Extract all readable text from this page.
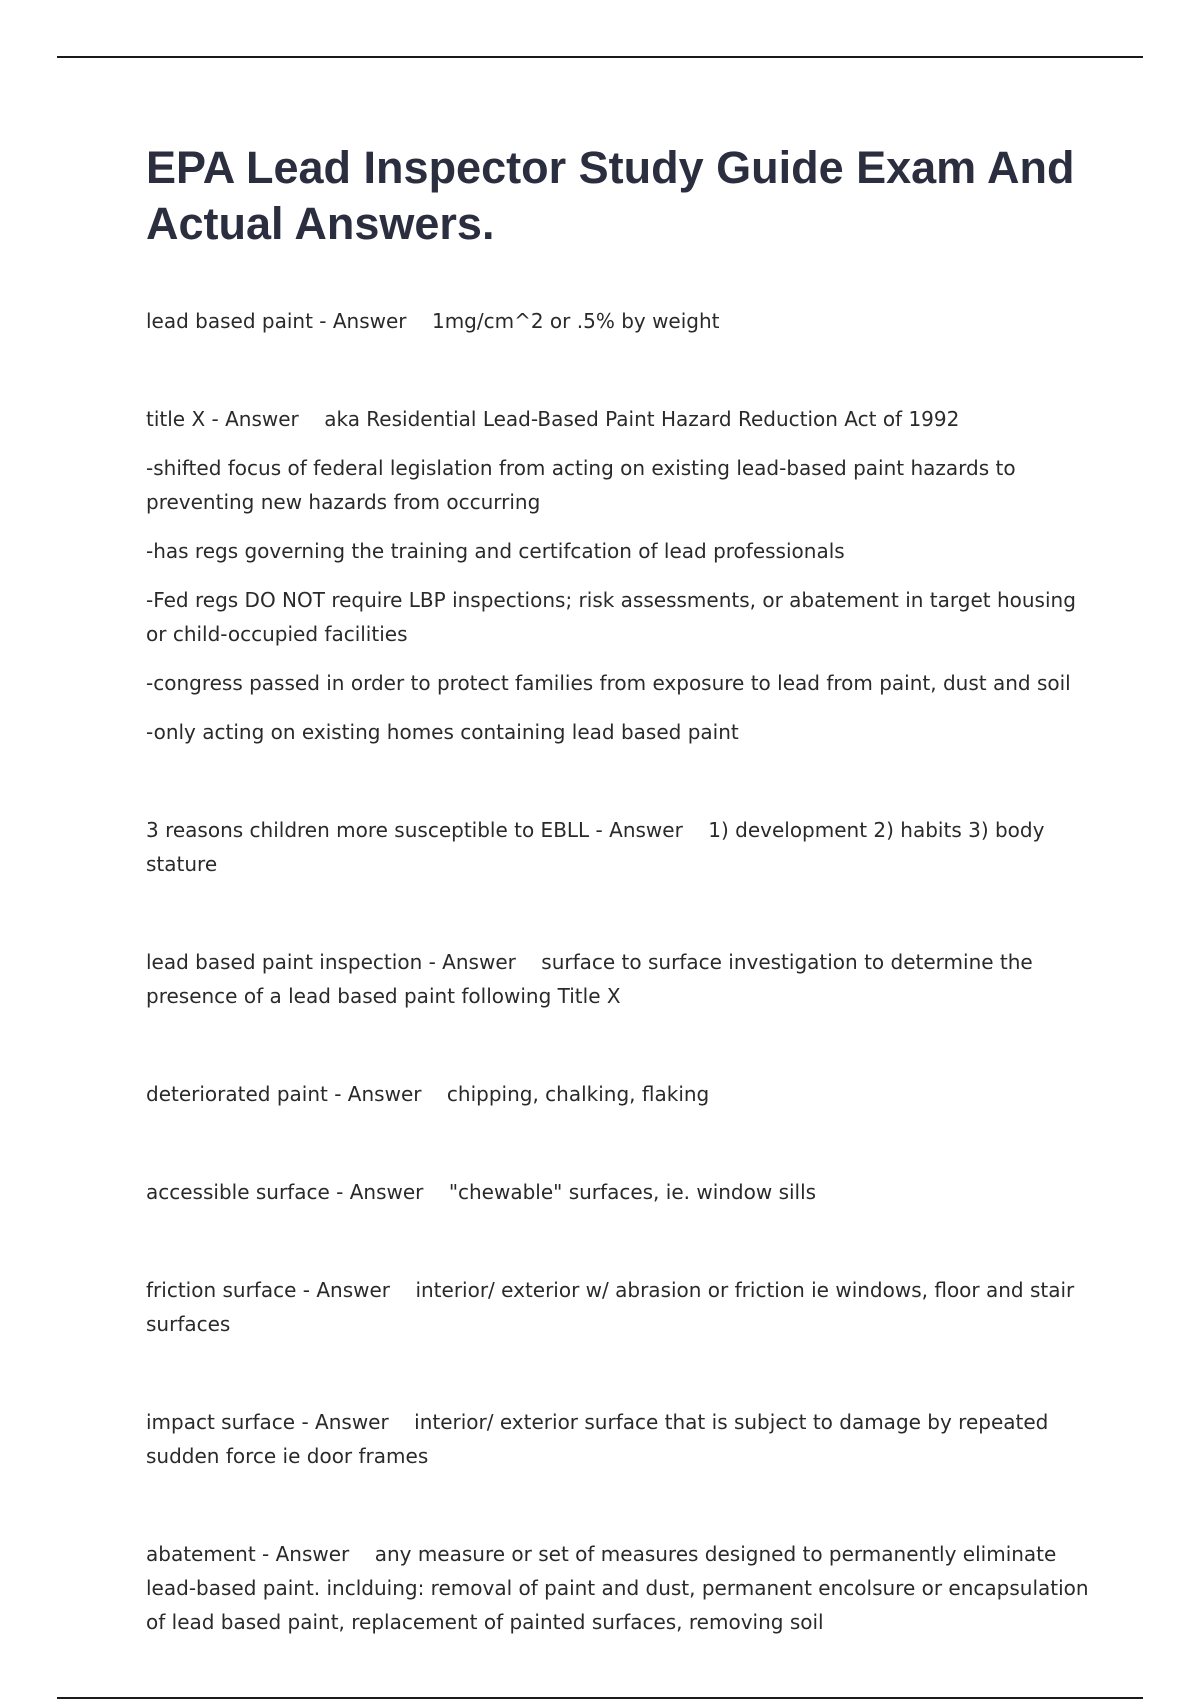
EPA Lead Inspector Study Guide Exam And Actual Answers.

lead based paint - Answer    1mg/cm^2 or .5% by weight

title X - Answer    aka Residential Lead-Based Paint Hazard Reduction Act of 1992

-shifted focus of federal legislation from acting on existing lead-based paint hazards to preventing new hazards from occurring

-has regs governing the training and certifcation of lead professionals

-Fed regs DO NOT require LBP inspections; risk assessments, or abatement in target housing or child-occupied facilities

-congress passed in order to protect families from exposure to lead from paint, dust and soil

-only acting on existing homes containing lead based paint

3 reasons children more susceptible to EBLL - Answer    1) development 2) habits 3) body stature

lead based paint inspection - Answer    surface to surface investigation to determine the presence of a lead based paint following Title X

deteriorated paint - Answer    chipping, chalking, flaking

accessible surface - Answer    "chewable" surfaces, ie. window sills

friction surface - Answer    interior/ exterior w/ abrasion or friction ie windows, floor and stair surfaces

impact surface - Answer    interior/ exterior surface that is subject to damage by repeated sudden force ie door frames

abatement - Answer    any measure or set of measures designed to permanently eliminate lead-based paint. inclduing: removal of paint and dust, permanent encolsure or encapsulation of lead based paint, replacement of painted surfaces, removing soil
